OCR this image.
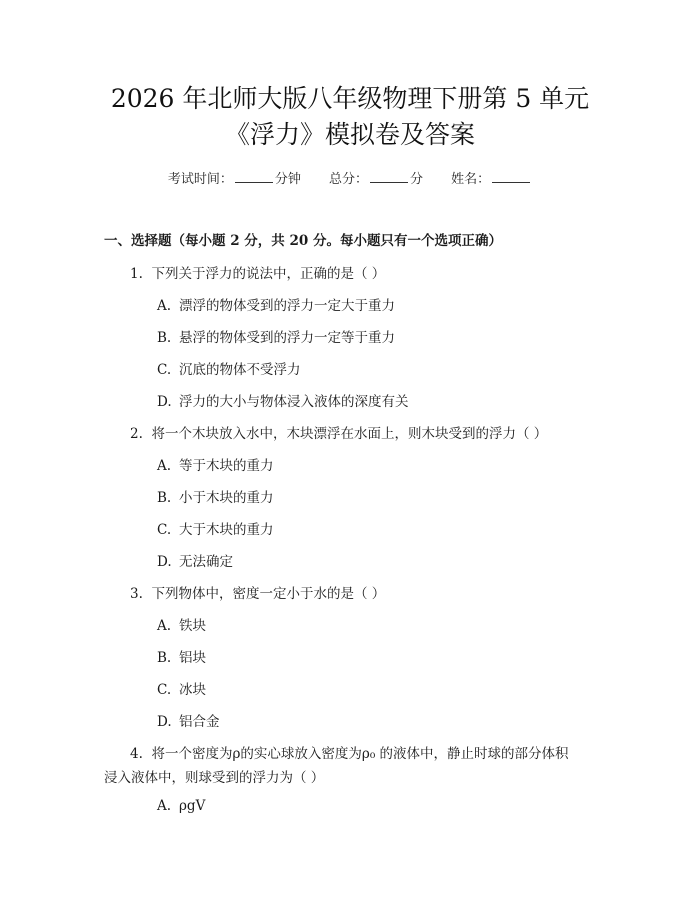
2026 年北师大版八年级物理下册第 5 单元
《浮力》模拟卷及答案
考试时间：	分钟 总分：	分 姓名：
一、选择题（每小题 2 分，共 20 分。每小题只有一个选项正确）
1. 下列关于浮力的说法中，正确的是（ ）
A. 漂浮的物体受到的浮力一定大于重力
B. 悬浮的物体受到的浮力一定等于重力
C. 沉底的物体不受浮力
D. 浮力的大小与物体浸入液体的深度有关
2. 将一个木块放入水中，木块漂浮在水面上，则木块受到的浮力（ ）
A. 等于木块的重力
B. 小于木块的重力
C. 大于木块的重力
D. 无法确定
3. 下列物体中，密度一定小于水的是（ ）
A. 铁块
B. 铝块
C. 冰块
D. 铝合金
4. 将一个密度为ρ的实心球放入密度为ρ₀ 的液体中，静止时球的部分体积
浸入液体中，则球受到的浮力为（ ）
A. ρgV
